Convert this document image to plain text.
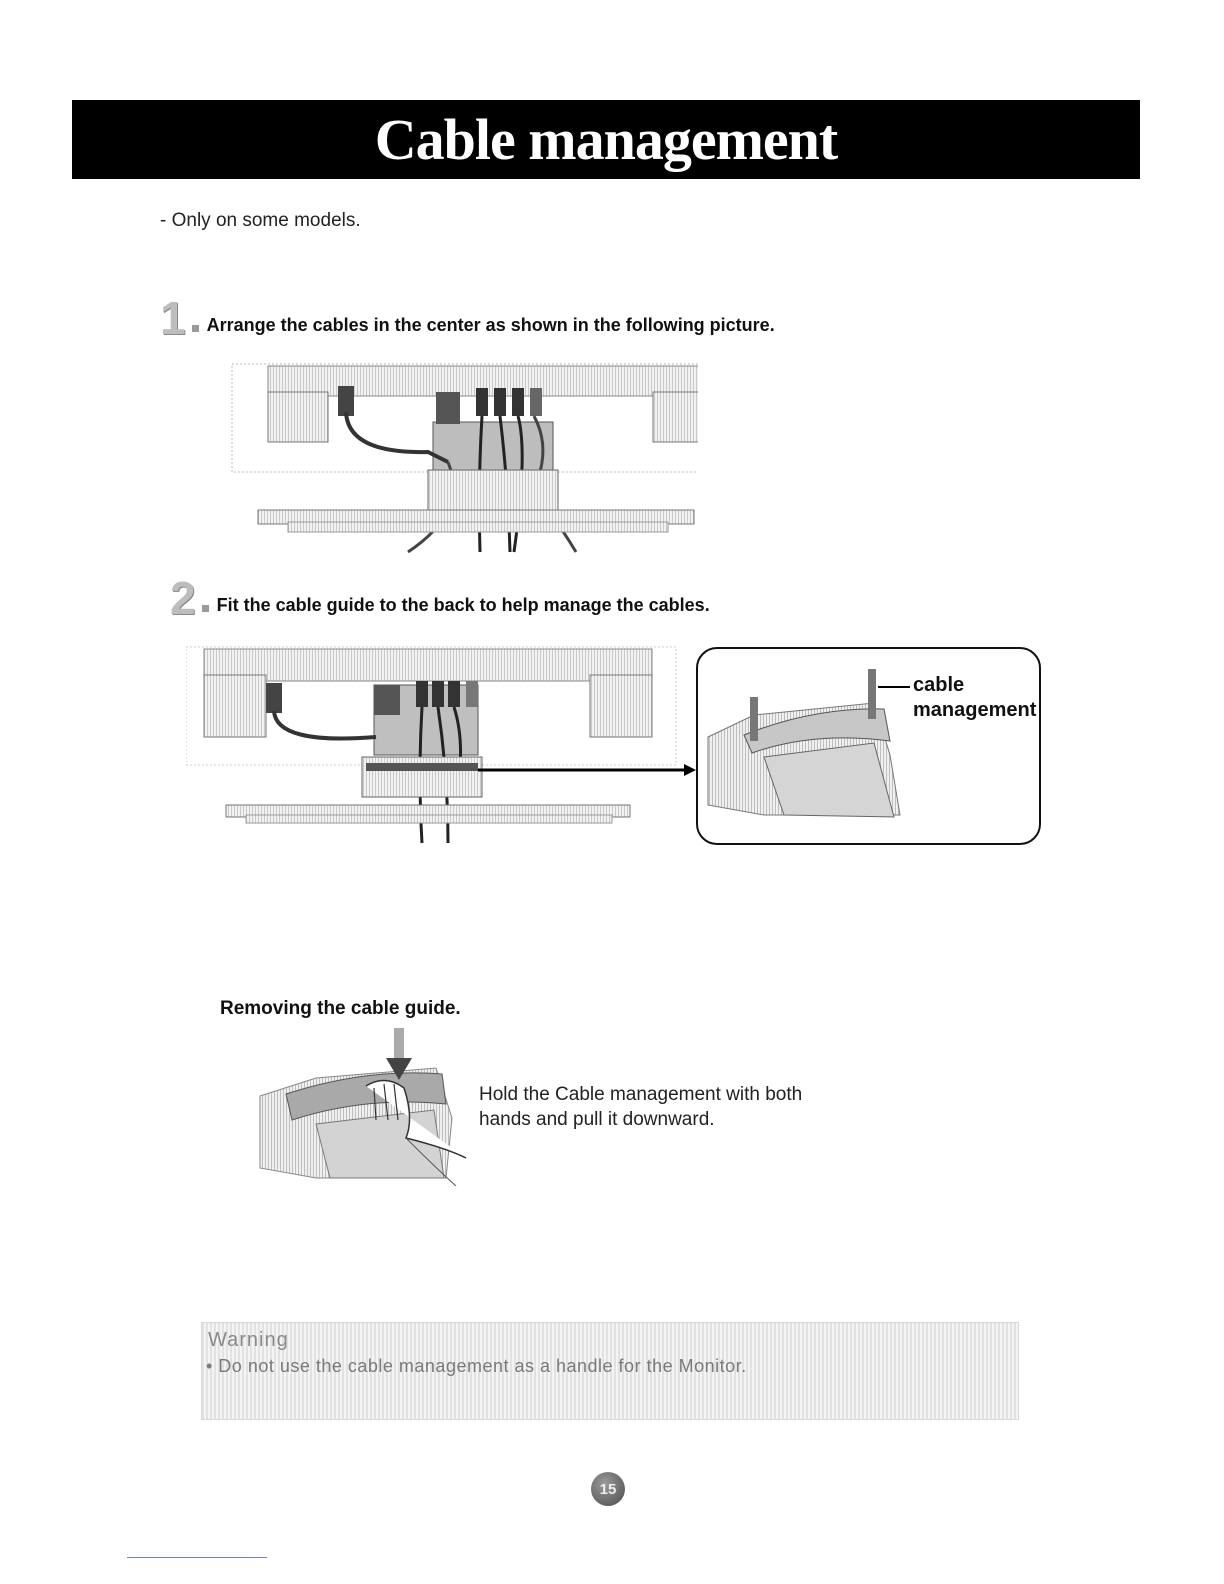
Cable management
- Only on some models.
1 Arrange the cables in the center as shown in the following picture.
2 Fit the cable guide to the back to help manage the cables.
cable
management
Removing the cable guide.
Hold the Cable management with both
hands and pull it downward.
Warning
• Do not use the cable management as a handle for the Monitor.
15
